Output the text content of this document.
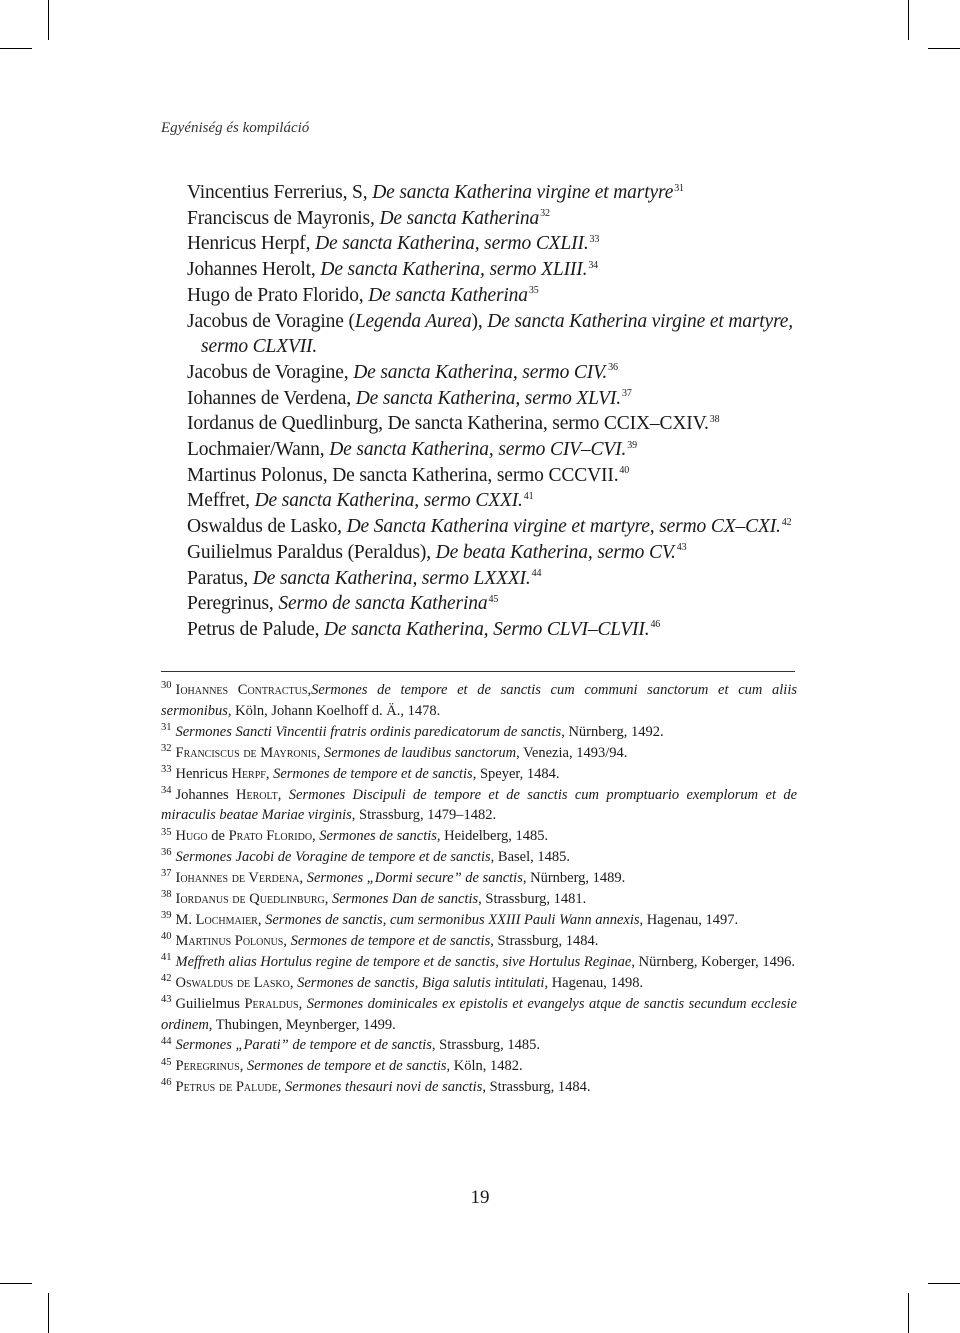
Egyéniség és kompiláció
Vincentius Ferrerius, S, De sancta Katherina virgine et martyre$^{31}$
Franciscus de Mayronis, De sancta Katherina$^{32}$
Henricus Herpf, De sancta Katherina, sermo CXLII.$^{33}$
Johannes Herolt, De sancta Katherina, sermo XLIII.$^{34}$
Hugo de Prato Florido, De sancta Katherina$^{35}$
Jacobus de Voragine (Legenda Aurea), De sancta Katherina virgine et martyre, sermo CLXVII.
Jacobus de Voragine, De sancta Katherina, sermo CIV.$^{36}$
Iohannes de Verdena, De sancta Katherina, sermo XLVI.$^{37}$
Iordanus de Quedlinburg, De sancta Katherina, sermo CCIX–CXIV.$^{38}$
Lochmaier/Wann, De sancta Katherina, sermo CIV–CVI.$^{39}$
Martinus Polonus, De sancta Katherina, sermo CCCVII.$^{40}$
Meffret, De sancta Katherina, sermo CXXI.$^{41}$
Oswaldus de Lasko, De Sancta Katherina virgine et martyre, sermo CX–CXI.$^{42}$
Guilielmus Paraldus (Peraldus), De beata Katherina, sermo CV.$^{43}$
Paratus, De sancta Katherina, sermo LXXXI.$^{44}$
Peregrinus, Sermo de sancta Katherina$^{45}$
Petrus de Palude, De sancta Katherina, Sermo CLVI–CLVII.$^{46}$

$^{30}$ Iohannes Contractus,Sermones de tempore et de sanctis cum communi sanctorum et cum aliis sermonibus, Köln, Johann Koelhoff d. Ä., 1478.

$^{31}$ Sermones Sancti Vincentii fratris ordinis paredicatorum de sanctis, Nürnberg, 1492.

$^{32}$ Franciscus de Mayronis, Sermones de laudibus sanctorum, Venezia, 1493/94.

$^{33}$ Henricus Herpf, Sermones de tempore et de sanctis, Speyer, 1484.

$^{34}$ Johannes Herolt, Sermones Discipuli de tempore et de sanctis cum promptuario exemplorum et de miraculis beatae Mariae virginis, Strassburg, 1479–1482.

$^{35}$ Hugo de Prato Florido, Sermones de sanctis, Heidelberg, 1485.

$^{36}$ Sermones Jacobi de Voragine de tempore et de sanctis, Basel, 1485.

$^{37}$ Iohannes de Verdena, Sermones „Dormi secure” de sanctis, Nürnberg, 1489.

$^{38}$ Iordanus de Quedlinburg, Sermones Dan de sanctis, Strassburg, 1481.

$^{39}$ M. Lochmaier, Sermones de sanctis, cum sermonibus XXIII Pauli Wann annexis, Hagenau, 1497.

$^{40}$ Martinus Polonus, Sermones de tempore et de sanctis, Strassburg, 1484.

$^{41}$ Meffreth alias Hortulus regine de tempore et de sanctis, sive Hortulus Reginae, Nürnberg, Koberger, 1496.

$^{42}$ Oswaldus de Lasko, Sermones de sanctis, Biga salutis intitulati, Hagenau, 1498.

$^{43}$ Guilielmus Peraldus, Sermones dominicales ex epistolis et evangelys atque de sanctis secundum ecclesie ordinem, Thubingen, Meynberger, 1499.

$^{44}$ Sermones „Parati” de tempore et de sanctis, Strassburg, 1485.

$^{45}$ Peregrinus, Sermones de tempore et de sanctis, Köln, 1482.

$^{46}$ Petrus de Palude, Sermones thesauri novi de sanctis, Strassburg, 1484.

19
